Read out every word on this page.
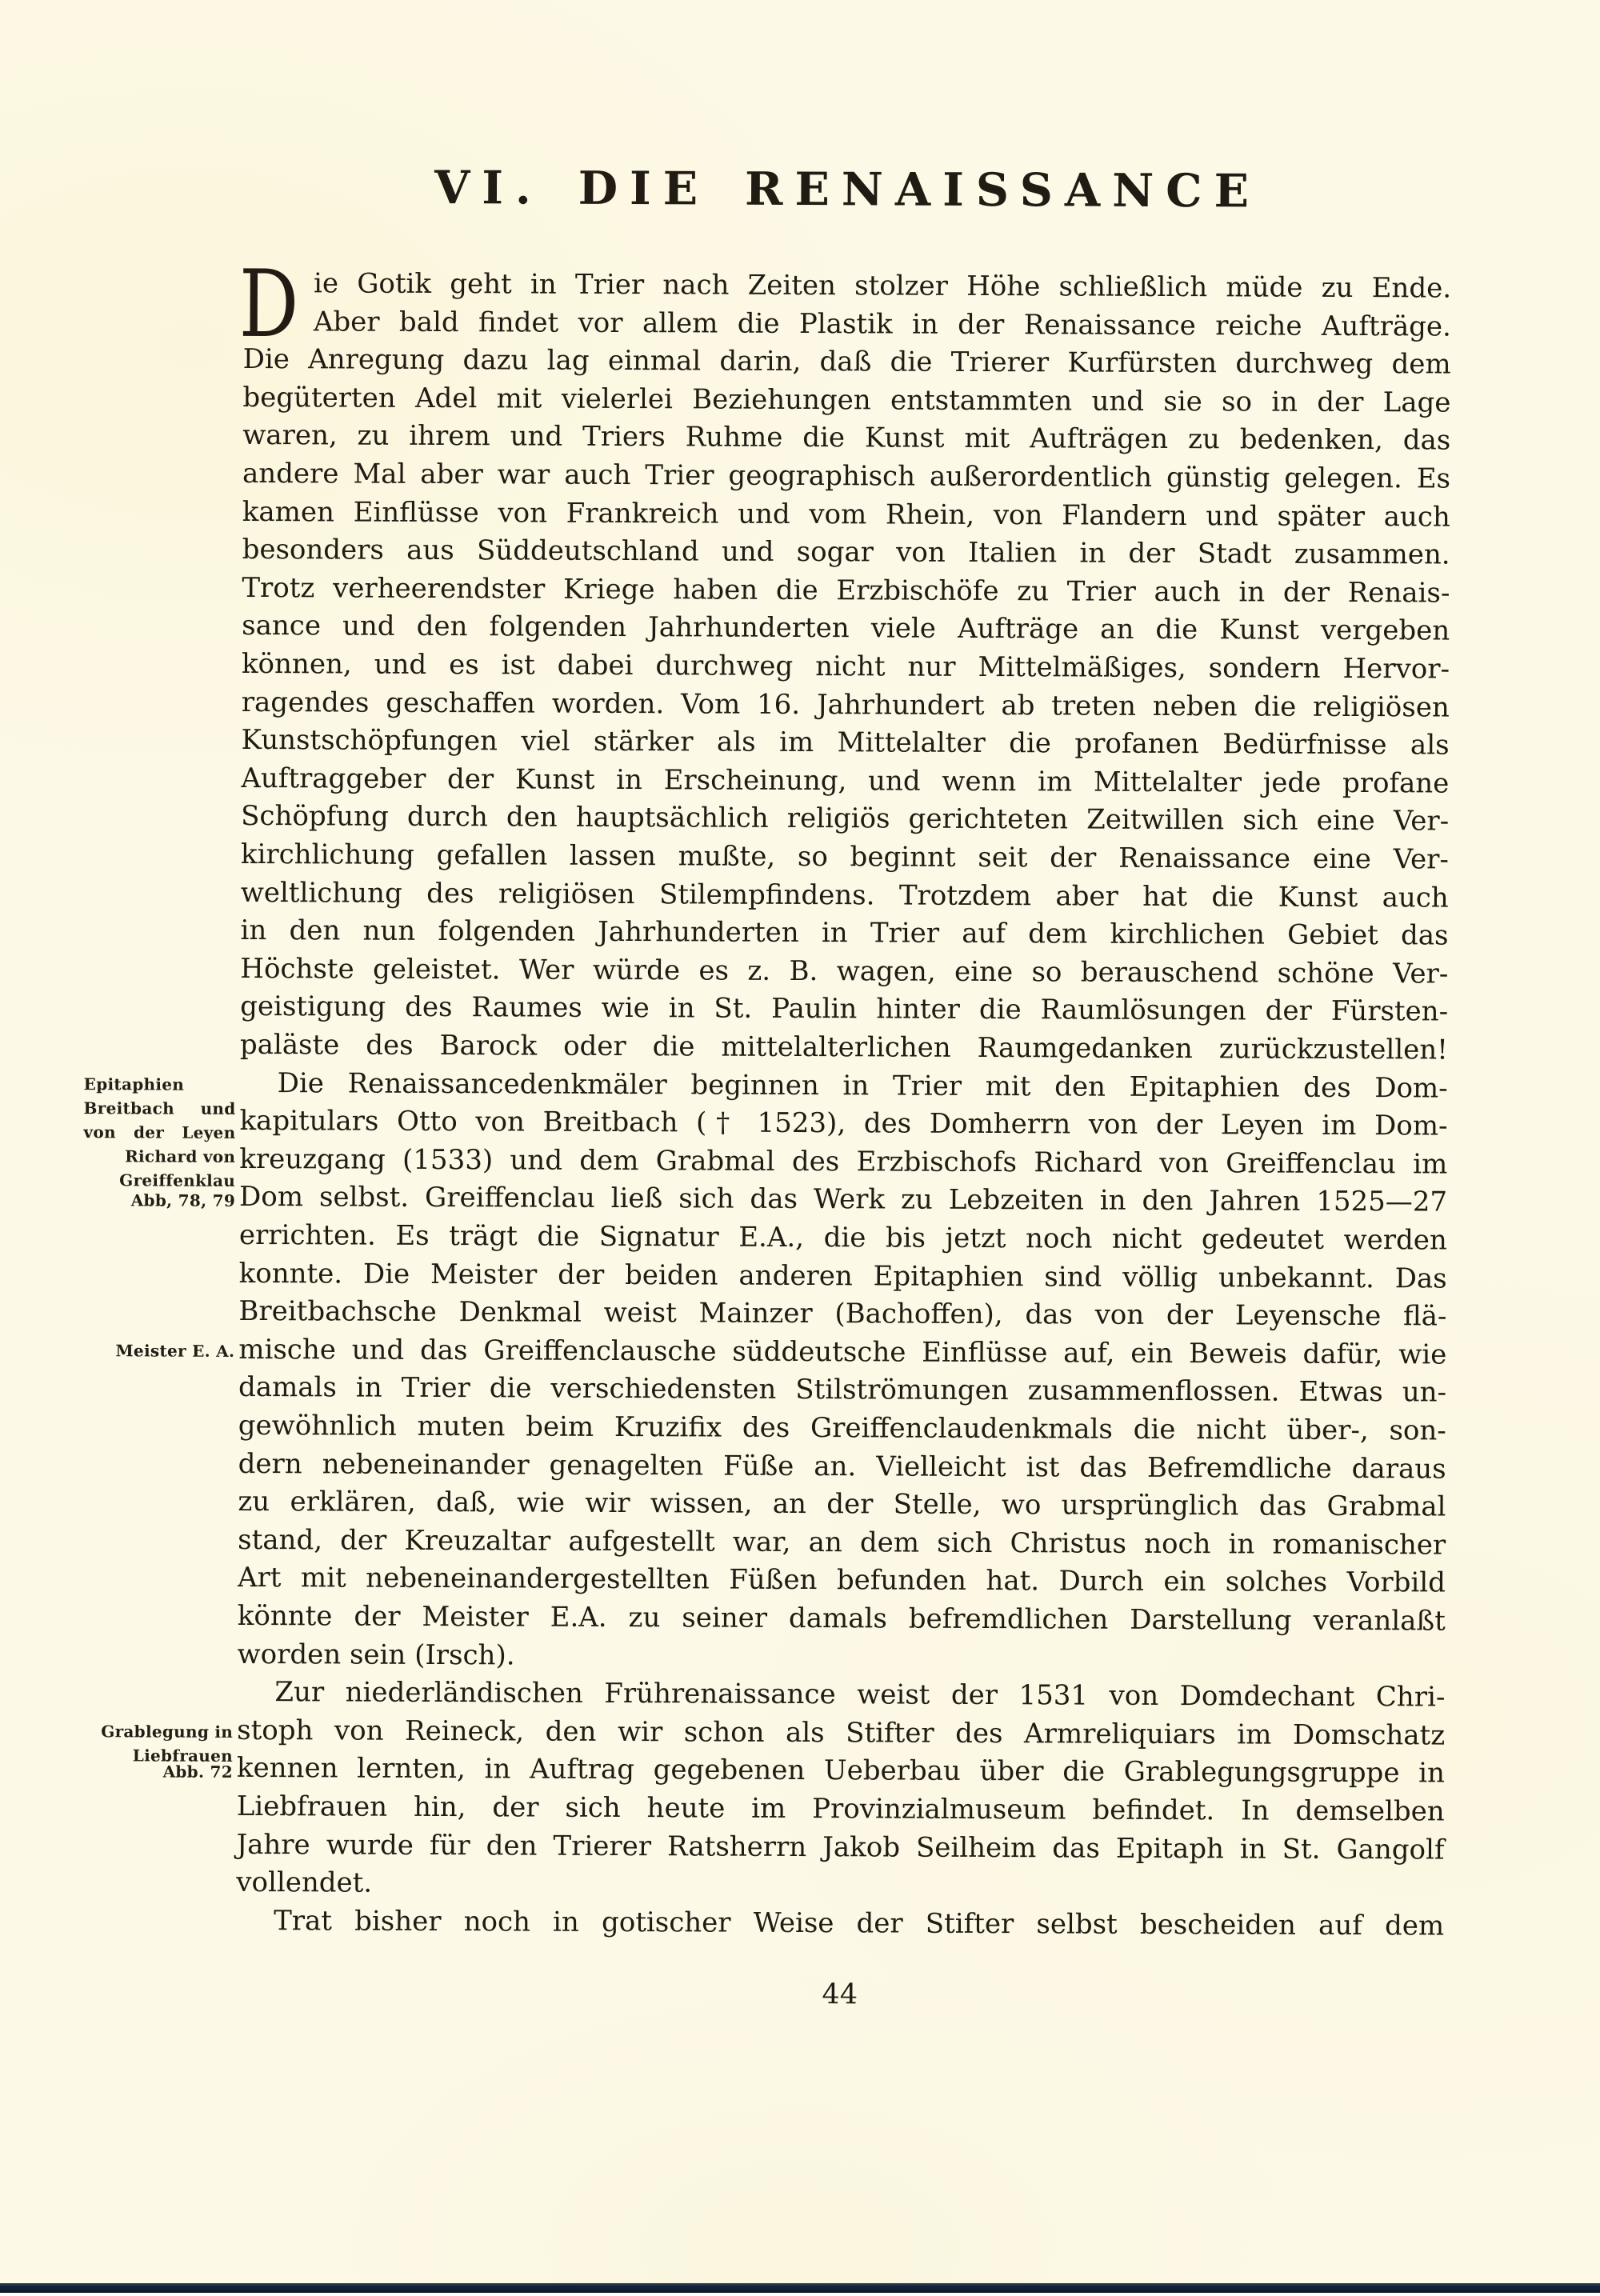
VI. DIE RENAISSANCE
D ie Gotik geht in Trier nach Zeiten stolzer Höhe schließlich müde zu Ende.
Aber bald findet vor allem die Plastik in der Renaissance reiche Aufträge.
Die Anregung dazu lag einmal darin, daß die Trierer Kurfürsten durchweg dem
begüterten Adel mit vielerlei Beziehungen entstammten und sie so in der Lage
waren, zu ihrem und Triers Ruhme die Kunst mit Aufträgen zu bedenken, das
andere Mal aber war auch Trier geographisch außerordentlich günstig gelegen. Es
kamen Einflüsse von Frankreich und vom Rhein, von Flandern und später auch
besonders aus Süddeutschland und sogar von Italien in der Stadt zusammen.
Trotz verheerendster Kriege haben die Erzbischöfe zu Trier auch in der Renais-
sance und den folgenden Jahrhunderten viele Aufträge an die Kunst vergeben
können, und es ist dabei durchweg nicht nur Mittelmäßiges, sondern Hervor-
ragendes geschaffen worden. Vom 16. Jahrhundert ab treten neben die religiösen
Kunstschöpfungen viel stärker als im Mittelalter die profanen Bedürfnisse als
Auftraggeber der Kunst in Erscheinung, und wenn im Mittelalter jede profane
Schöpfung durch den hauptsächlich religiös gerichteten Zeitwillen sich eine Ver-
kirchlichung gefallen lassen mußte, so beginnt seit der Renaissance eine Ver-
weltlichung des religiösen Stilempfindens. Trotzdem aber hat die Kunst auch
in den nun folgenden Jahrhunderten in Trier auf dem kirchlichen Gebiet das
Höchste geleistet. Wer würde es z. B. wagen, eine so berauschend schöne Ver-
geistigung des Raumes wie in St. Paulin hinter die Raumlösungen der Fürsten-
paläste des Barock oder die mittelalterlichen Raumgedanken zurückzustellen!
Die Renaissancedenkmäler beginnen in Trier mit den Epitaphien des Dom-
kapitulars Otto von Breitbach († 1523), des Domherrn von der Leyen im Dom-
kreuzgang (1533) und dem Grabmal des Erzbischofs Richard von Greiffenclau im
Dom selbst. Greiffenclau ließ sich das Werk zu Lebzeiten in den Jahren 1525—27
errichten. Es trägt die Signatur E.A., die bis jetzt noch nicht gedeutet werden
konnte. Die Meister der beiden anderen Epitaphien sind völlig unbekannt. Das
Breitbachsche Denkmal weist Mainzer (Bachoffen), das von der Leyensche flä-
mische und das Greiffenclausche süddeutsche Einflüsse auf, ein Beweis dafür, wie
damals in Trier die verschiedensten Stilströmungen zusammenflossen. Etwas un-
gewöhnlich muten beim Kruzifix des Greiffenclaudenkmals die nicht über-, son-
dern nebeneinander genagelten Füße an. Vielleicht ist das Befremdliche daraus
zu erklären, daß, wie wir wissen, an der Stelle, wo ursprünglich das Grabmal
stand, der Kreuzaltar aufgestellt war, an dem sich Christus noch in romanischer
Art mit nebeneinandergestellten Füßen befunden hat. Durch ein solches Vorbild
könnte der Meister E.A. zu seiner damals befremdlichen Darstellung veranlaßt
worden sein (Irsch).
Zur niederländischen Frührenaissance weist der 1531 von Domdechant Chri-
stoph von Reineck, den wir schon als Stifter des Armreliquiars im Domschatz
kennen lernten, in Auftrag gegebenen Ueberbau über die Grablegungsgruppe in
Liebfrauen hin, der sich heute im Provinzialmuseum befindet. In demselben
Jahre wurde für den Trierer Ratsherrn Jakob Seilheim das Epitaph in St. Gangolf
vollendet.
Trat bisher noch in gotischer Weise der Stifter selbst bescheiden auf dem
Epitaphien
Breitbach und
von der Leyen
Richard von
Greiffenklau
Abb, 78, 79
Meister E. A.
Grablegung in
Liebfrauen
Abb. 72
44
